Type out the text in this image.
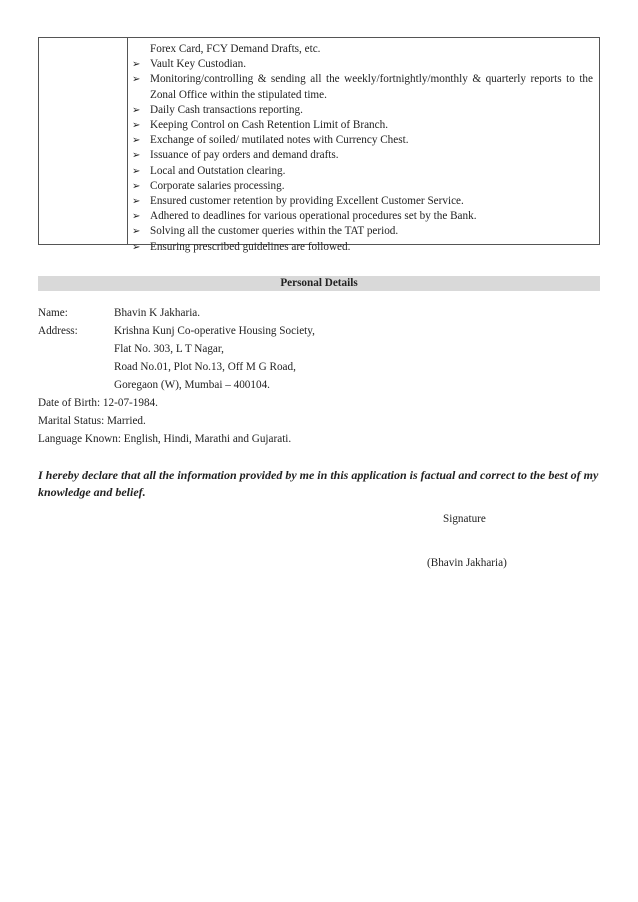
Forex Card, FCY Demand Drafts, etc.
➢ Vault Key Custodian.
➢ Monitoring/controlling & sending all the weekly/fortnightly/monthly & quarterly reports to the Zonal Office within the stipulated time.
➢ Daily Cash transactions reporting.
➢ Keeping Control on Cash Retention Limit of Branch.
➢ Exchange of soiled/ mutilated notes with Currency Chest.
➢ Issuance of pay orders and demand drafts.
➢ Local and Outstation clearing.
➢ Corporate salaries processing.
➢ Ensured customer retention by providing Excellent Customer Service.
➢ Adhered to deadlines for various operational procedures set by the Bank.
➢ Solving all the customer queries within the TAT period.
➢ Ensuring prescribed guidelines are followed.
Personal Details
Name:	Bhavin K Jakharia.
Address:	Krishna Kunj Co-operative Housing Society,
Flat No. 303, L T Nagar,
Road No.01, Plot No.13, Off M G Road,
Goregaon (W), Mumbai – 400104.
Date of Birth: 12-07-1984.
Marital Status: Married.
Language Known: English, Hindi, Marathi and Gujarati.
I hereby declare that all the information provided by me in this application is factual and correct to the best of my knowledge and belief.
Signature
(Bhavin Jakharia)
